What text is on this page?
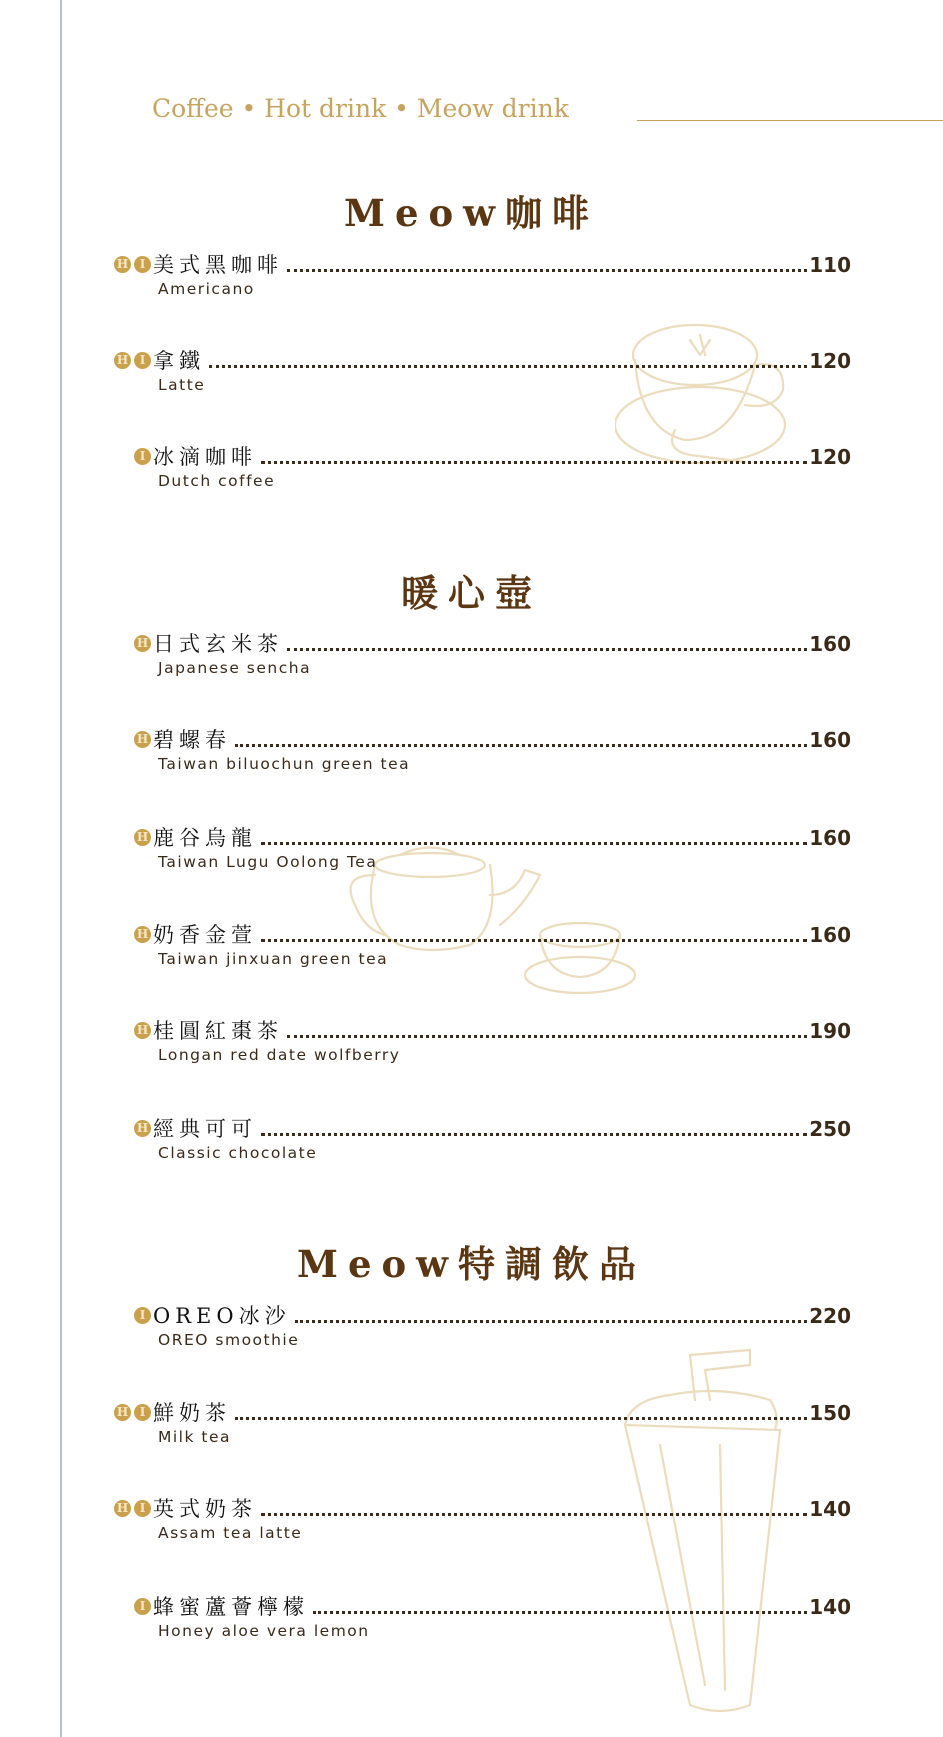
Coffee • Hot drink • Meow drink
Meow咖啡
H I 美式黑咖啡	110
Americano
H I 拿鐵	120
Latte
I 冰滴咖啡	120
Dutch coffee
暖心壺
H 日式玄米茶	160
Japanese sencha
H 碧螺春	160
Taiwan biluochun green tea
H 鹿谷烏龍	160
Taiwan Lugu Oolong Tea
H 奶香金萱	160
Taiwan jinxuan green tea
H 桂圓紅棗茶	190
Longan red date wolfberry
H 經典可可	250
Classic chocolate
Meow特調飲品
I OREO冰沙	220
OREO smoothie
H I 鮮奶茶	150
Milk tea
H I 英式奶茶	140
Assam tea latte
I 蜂蜜蘆薈檸檬	140
Honey aloe vera lemon
